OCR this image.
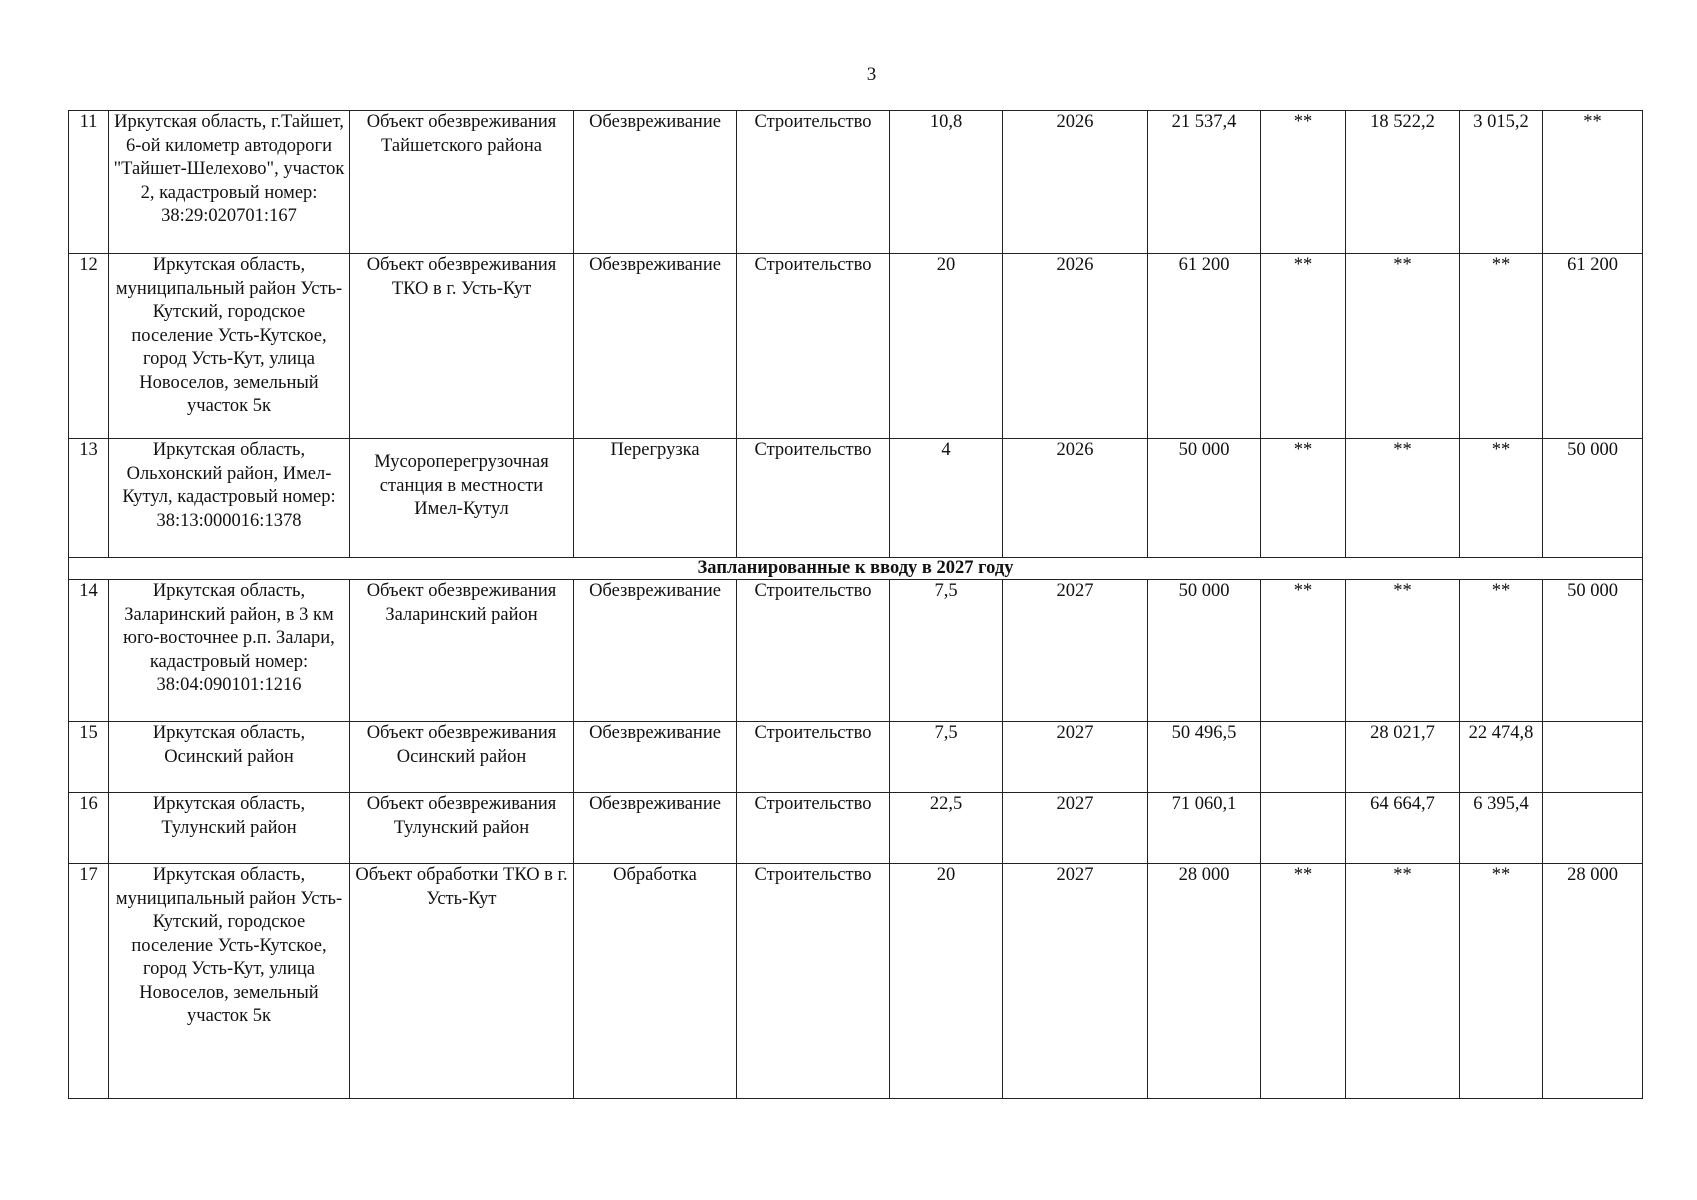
3
11	Иркутская область, г.Тайшет, 6-ой километр автодороги "Тайшет-Шелехово", участок 2, кадастровый номер: 38:29:020701:167	Объект обезвреживания Тайшетского района	Обезвреживание	Строительство	10,8	2026	21 537,4	**	18 522,2	3 015,2	**
12	Иркутская область, муниципальный район Усть-Кутский, городское поселение Усть-Кутское, город Усть-Кут, улица Новоселов, земельный участок 5к	Объект обезвреживания ТКО в г. Усть-Кут	Обезвреживание	Строительство	20	2026	61 200	**	**	**	61 200
13	Иркутская область, Ольхонский район, Имел-Кутул, кадастровый номер: 38:13:000016:1378	Мусороперегрузочная станция в местности Имел-Кутул	Перегрузка	Строительство	4	2026	50 000	**	**	**	50 000
Запланированные к вводу в 2027 году											
14	Иркутская область, Заларинский район, в 3 км юго-восточнее р.п. Залари, кадастровый номер: 38:04:090101:1216	Объект обезвреживания Заларинский район	Обезвреживание	Строительство	7,5	2027	50 000	**	**	**	50 000
15	Иркутская область, Осинский район	Объект обезвреживания Осинский район	Обезвреживание	Строительство	7,5	2027	50 496,5		28 021,7	22 474,8	
16	Иркутская область, Тулунский район	Объект обезвреживания Тулунский район	Обезвреживание	Строительство	22,5	2027	71 060,1		64 664,7	6 395,4	
17	Иркутская область, муниципальный район Усть-Кутский, городское поселение Усть-Кутское, город Усть-Кут, улица Новоселов, земельный участок 5к	Объект обработки ТКО в г. Усть-Кут	Обработка	Строительство	20	2027	28 000	**	**	**	28 000
